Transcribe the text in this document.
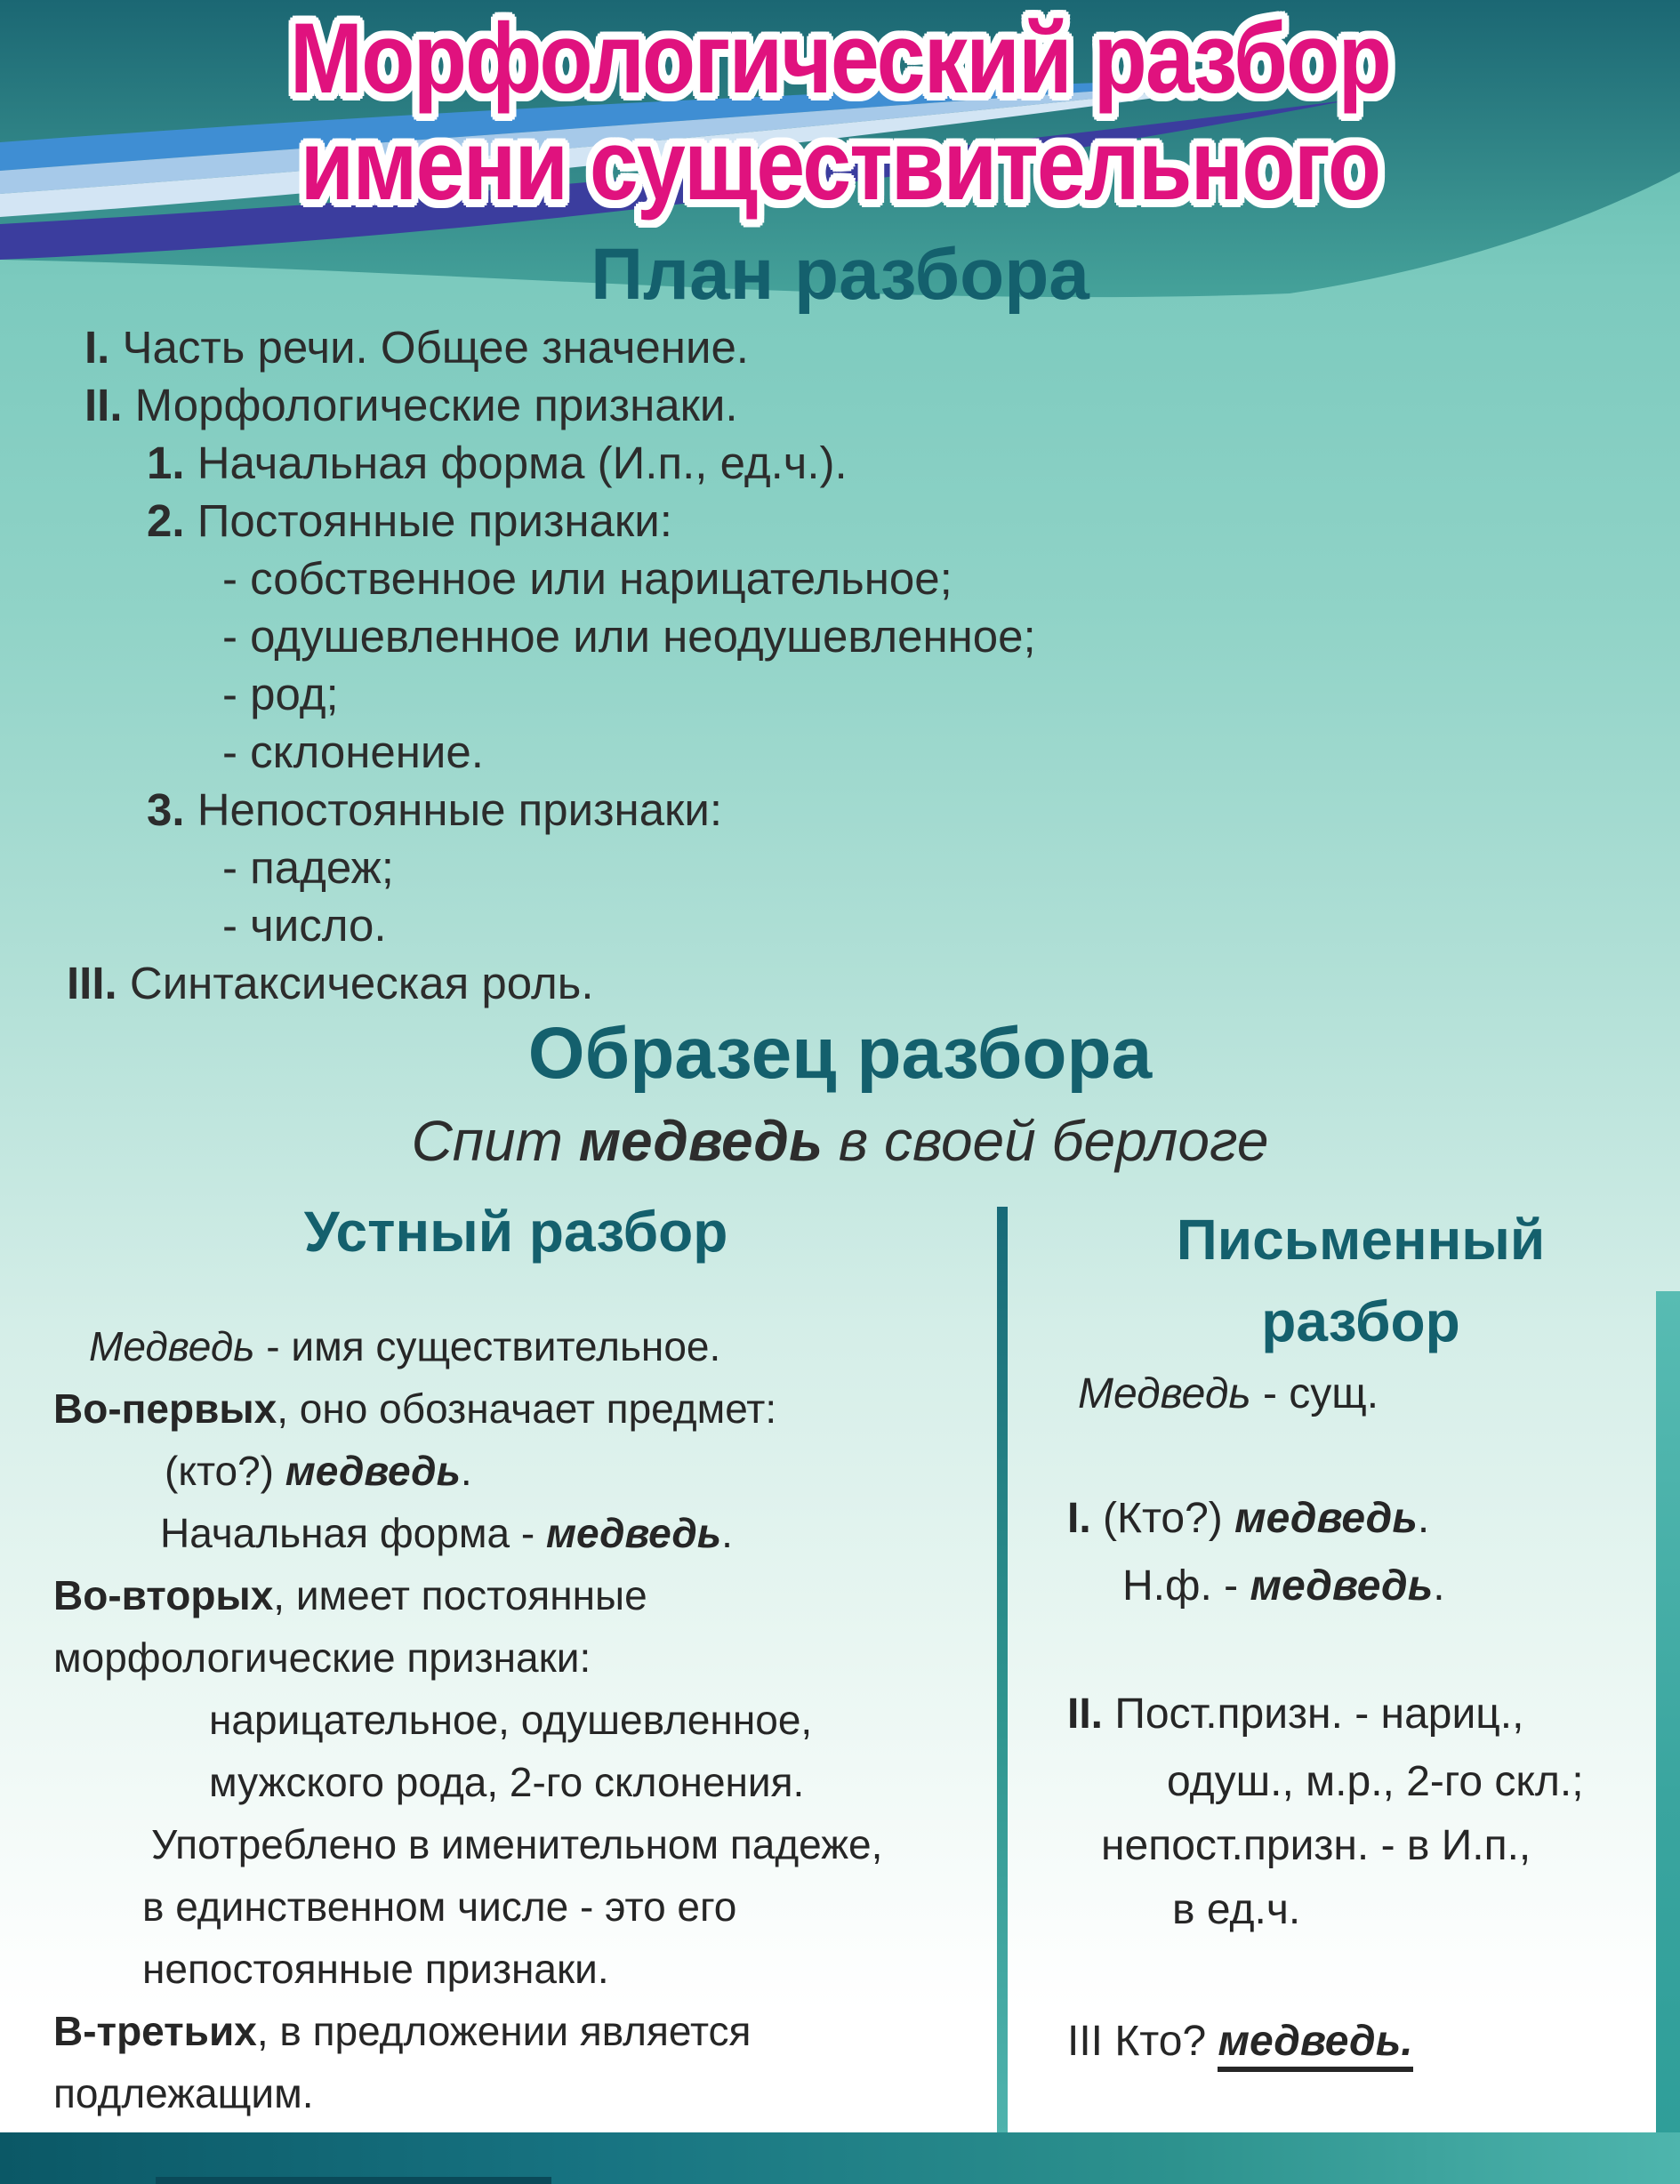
Морфологический разбор
имени существительного
План разбора
I. Часть речи. Общее значение.
II. Морфологические признаки.
1. Начальная форма (И.п., ед.ч.).
2. Постоянные признаки:
- собственное или нарицательное;
- одушевленное или неодушевленное;
- род;
- склонение.
3. Непостоянные признаки:
- падеж;
- число.
III. Синтаксическая роль.
Образец разбора
Спит медведь в своей берлоге
Устный разбор	Письменный
разбор
Медведь - имя существительное.
Во-первых, оно обозначает предмет:
(кто?) медведь.
Начальная форма - медведь.
Во-вторых, имеет постоянные
морфологические признаки:
нарицательное, одушевленное,
мужского рода, 2-го склонения.
Употреблено в именительном падеже,
в единственном числе - это его
непостоянные признаки.
В-третьих, в предложении является
подлежащим.
Медведь - сущ.
I. (Кто?) медведь.
Н.ф. - медведь.
II. Пост.призн. - нариц.,
одуш., м.р., 2-го скл.;
непост.призн. - в И.п.,
в ед.ч.
III Кто? медведь.
